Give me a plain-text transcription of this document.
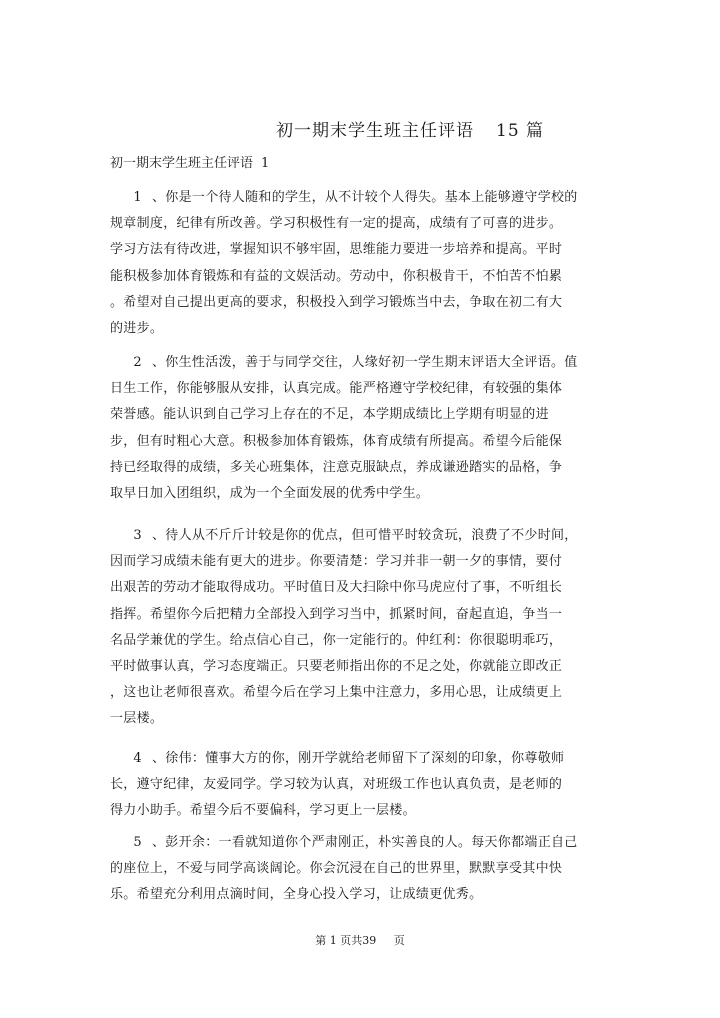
初一期末学生班主任评语 15 篇
初一期末学生班主任评语 1
1 、你是一个待人随和的学生，从不计较个人得失。基本上能够遵守学校的
规章制度，纪律有所改善。学习积极性有一定的提高，成绩有了可喜的进步。
学习方法有待改进，掌握知识不够牢固，思维能力要进一步培养和提高。平时
能积极参加体育锻炼和有益的文娱活动。劳动中，你积极肯干，不怕苦不怕累
。希望对自己提出更高的要求，积极投入到学习锻炼当中去，争取在初二有大
的进步。
2 、你生性活泼，善于与同学交往，人缘好初一学生期末评语大全评语。值
日生工作，你能够服从安排，认真完成。能严格遵守学校纪律，有较强的集体
荣誉感。能认识到自己学习上存在的不足，本学期成绩比上学期有明显的进
步，但有时粗心大意。积极参加体育锻炼，体育成绩有所提高。希望今后能保
持已经取得的成绩，多关心班集体，注意克服缺点，养成谦逊踏实的品格，争
取早日加入团组织，成为一个全面发展的优秀中学生。
3 、待人从不斤斤计较是你的优点，但可惜平时较贪玩，浪费了不少时间，
因而学习成绩未能有更大的进步。你要清楚：学习并非一朝一夕的事情，要付
出艰苦的劳动才能取得成功。平时值日及大扫除中你马虎应付了事，不听组长
指挥。希望你今后把精力全部投入到学习当中，抓紧时间，奋起直追，争当一
名品学兼优的学生。给点信心自己，你一定能行的。仲红利：你很聪明乖巧，
平时做事认真，学习态度端正。只要老师指出你的不足之处，你就能立即改正
，这也让老师很喜欢。希望今后在学习上集中注意力，多用心思，让成绩更上
一层楼。
4 、徐伟：懂事大方的你，刚开学就给老师留下了深刻的印象，你尊敬师
长，遵守纪律，友爱同学。学习较为认真，对班级工作也认真负责，是老师的
得力小助手。希望今后不要偏科，学习更上一层楼。
5 、彭开余：一看就知道你个严肃刚正，朴实善良的人。每天你都端正自己
的座位上，不爱与同学高谈阔论。你会沉浸在自己的世界里，默默享受其中快
乐。希望充分利用点滴时间，全身心投入学习，让成绩更优秀。
第 1 页共39 页
